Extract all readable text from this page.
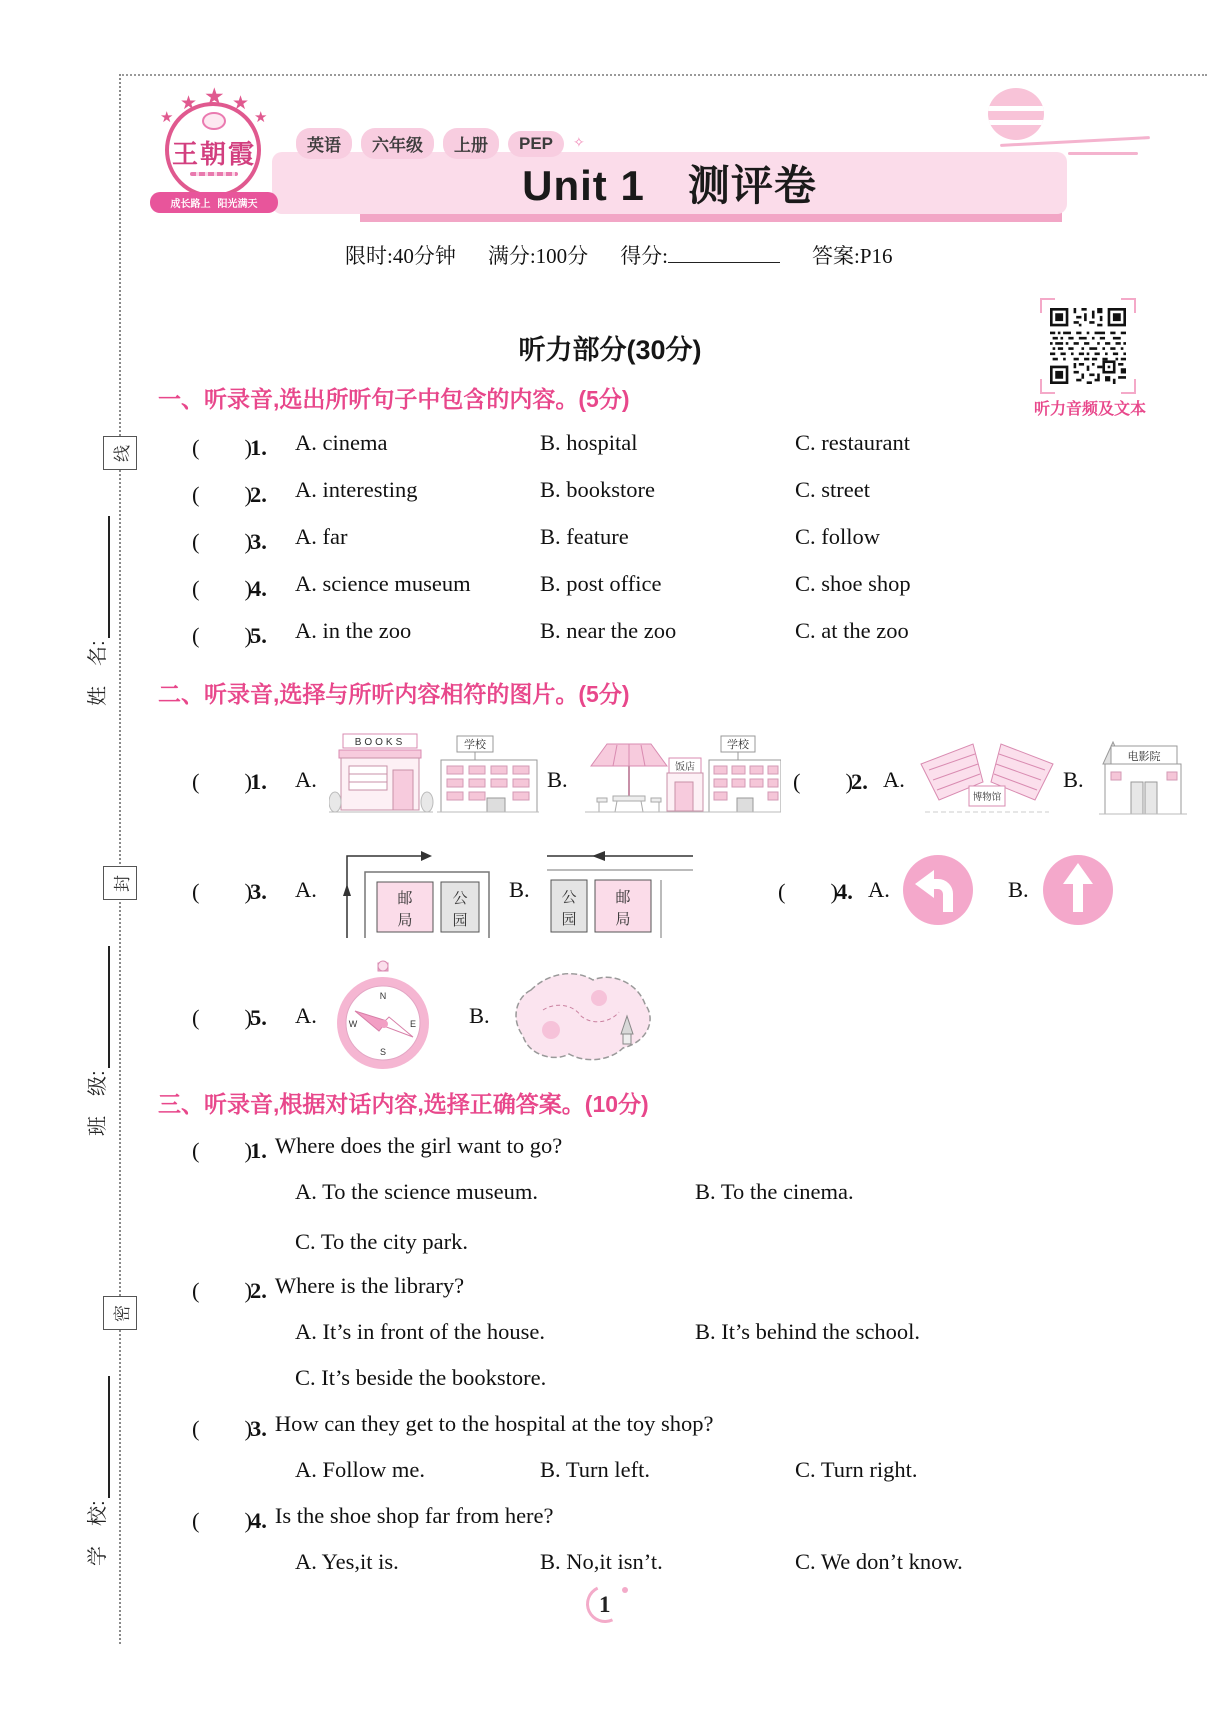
线
封
密
姓　名:
班　级:
学　校:
★
★ ★ ★
★
王朝霞
成长路上 阳光满天
英语	六年级	上册	PEP	✧
Unit 1　测评卷
限时:40分钟 满分:100分 得分:	答案:P16
听力音频及文本
听力部分(30分)
一、听录音,选出所听句子中包含的内容。(5分)
(　　)1.	A. cinema	B. hospital	C. restaurant
(　　)2.	A. interesting	B. bookstore	C. street
(　　)3.	A. far	B. feature	C. follow
(　　)4.	A. science museum	B. post office	C. shoe shop
(　　)5.	A. in the zoo	B. near the zoo	C. at the zoo
二、听录音,选择与所听内容相符的图片。(5分)
(　　)1.	A.
BOOKS	学校
B.	饭店
学校
(　　)2. A.
博物馆
B.
电影院
(　　)3.	A.	邮
局
公
园
B.	公
园
邮
局
(　　)4. A.	B.
(　　)5.	A.
N
E
S
W	B.
三、听录音,根据对话内容,选择正确答案。(10分)
(　　)1. Where does the girl want to go?
A. To the science museum.	B. To the cinema.
C. To the city park.
(　　)2. Where is the library?
A. It’s in front of the house.	B. It’s behind the school.
C. It’s beside the bookstore.
(　　)3. How can they get to the hospital at the toy shop?
A. Follow me.	B. Turn left.	C. Turn right.
(　　)4. Is the shoe shop far from here?
A. Yes,it is.	B. No,it isn’t.	C. We don’t know.
1
